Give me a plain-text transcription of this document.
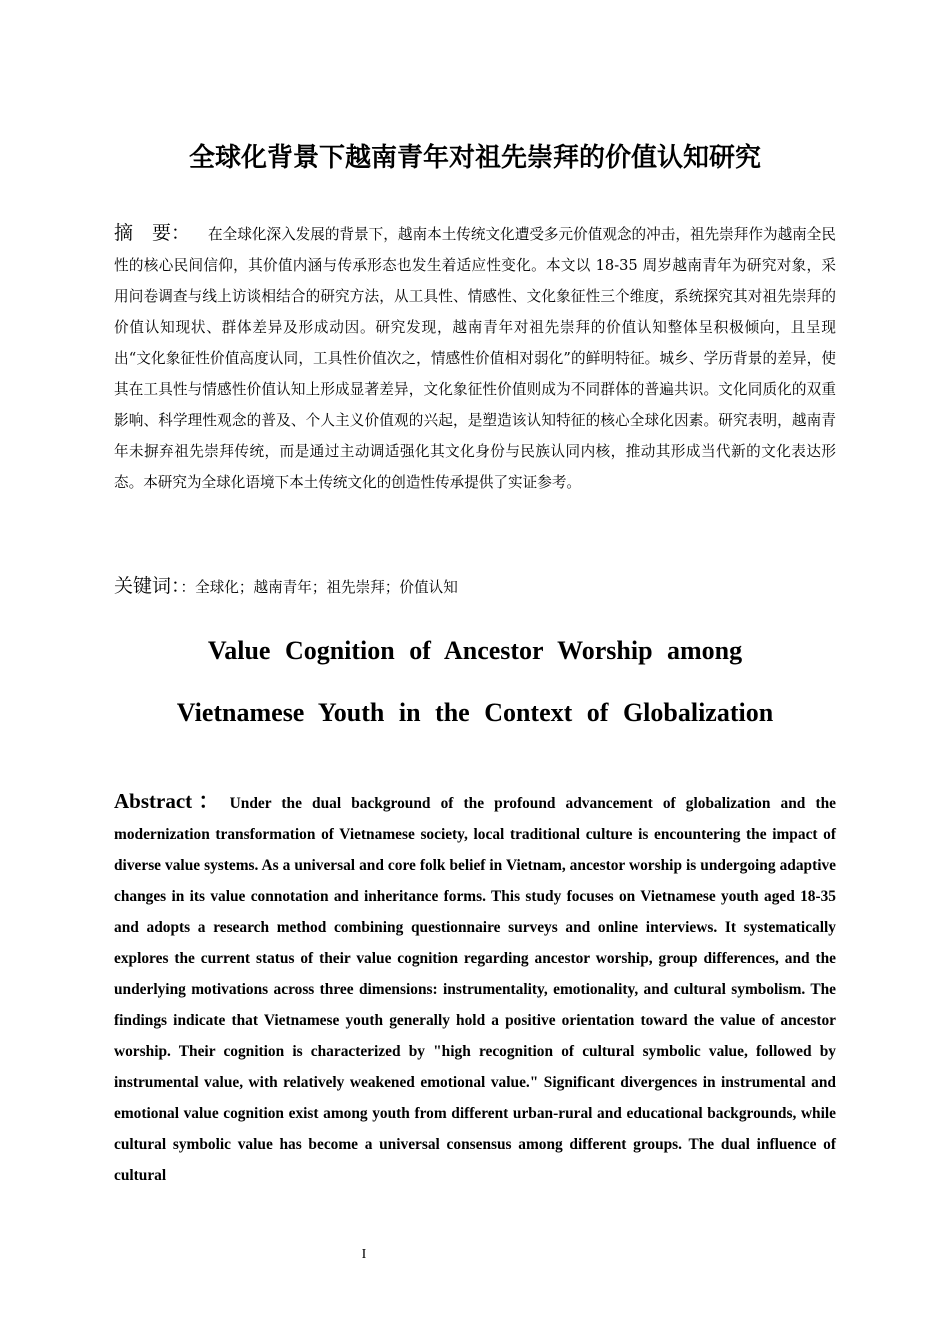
全球化背景下越南青年对祖先崇拜的价值认知研究
摘　要： 在全球化深入发展的背景下，越南本土传统文化遭受多元价值观念的冲击，祖先崇拜作为越南全民性的核心民间信仰，其价值内涵与传承形态也发生着适应性变化。本文以 18-35 周岁越南青年为研究对象，采用问卷调查与线上访谈相结合的研究方法，从工具性、情感性、文化象征性三个维度，系统探究其对祖先崇拜的价值认知现状、群体差异及形成动因。研究发现，越南青年对祖先崇拜的价值认知整体呈积极倾向，且呈现出“文化象征性价值高度认同，工具性价值次之，情感性价值相对弱化”的鲜明特征。城乡、学历背景的差异，使其在工具性与情感性价值认知上形成显著差异，文化象征性价值则成为不同群体的普遍共识。文化同质化的双重影响、科学理性观念的普及、个人主义价值观的兴起，是塑造该认知特征的核心全球化因素。研究表明，越南青年未摒弃祖先崇拜传统，而是通过主动调适强化其文化身份与民族认同内核，推动其形成当代新的文化表达形态。本研究为全球化语境下本土传统文化的创造性传承提供了实证参考。
关键词：：全球化；越南青年；祖先崇拜；价值认知
Value Cognition of Ancestor Worship among Vietnamese Youth in the Context of Globalization
Abstract： Under the dual background of the profound advancement of globalization and the modernization transformation of Vietnamese society, local traditional culture is encountering the impact of diverse value systems. As a universal and core folk belief in Vietnam, ancestor worship is undergoing adaptive changes in its value connotation and inheritance forms. This study focuses on Vietnamese youth aged 18-35 and adopts a research method combining questionnaire surveys and online interviews. It systematically explores the current status of their value cognition regarding ancestor worship, group differences, and the underlying motivations across three dimensions: instrumentality, emotionality, and cultural symbolism. The findings indicate that Vietnamese youth generally hold a positive orientation toward the value of ancestor worship. Their cognition is characterized by "high recognition of cultural symbolic value, followed by instrumental value, with relatively weakened emotional value." Significant divergences in instrumental and emotional value cognition exist among youth from different urban-rural and educational backgrounds, while cultural symbolic value has become a universal consensus among different groups. The dual influence of cultural
I
